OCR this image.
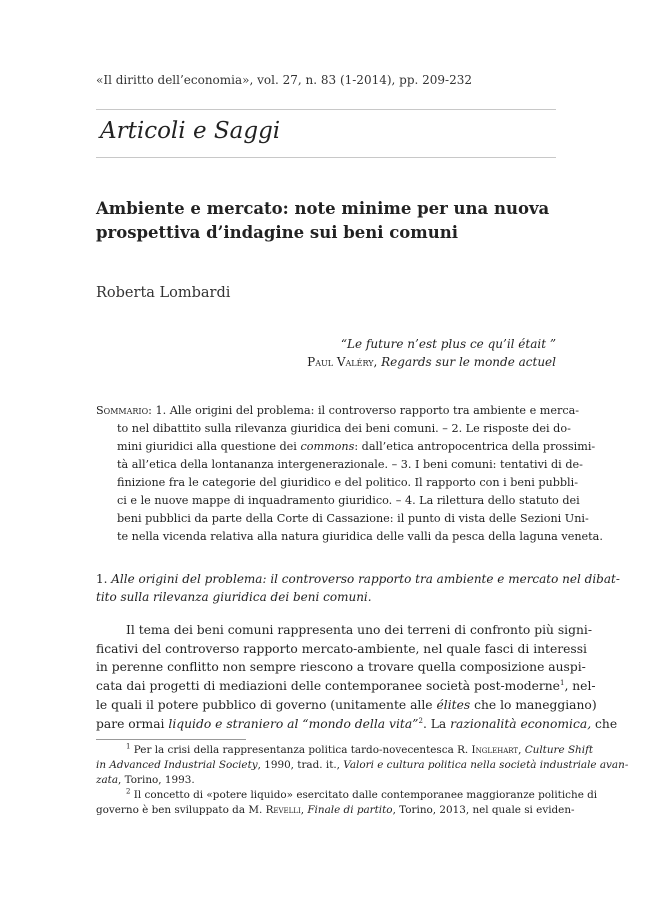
«Il diritto dell’economia», vol. 27, n. 83 (1-2014), pp. 209-232
Articoli e Saggi
Ambiente e mercato: note minime per una nuova
prospettiva d’indagine sui beni comuni
Roberta Lombardi
“Le future n’est plus ce qu’il était ”
Paul Valéry, Regards sur le monde actuel
Sommario: 1. Alle origini del problema: il controverso rapporto tra ambiente e merca-
to nel dibattito sulla rilevanza giuridica dei beni comuni. – 2. Le risposte dei do-
mini giuridici alla questione dei commons: dall’etica antropocentrica della prossimi-
tà all’etica della lontananza intergenerazionale. – 3. I beni comuni: tentativi di de-
finizione fra le categorie del giuridico e del politico. Il rapporto con i beni pubbli-
ci e le nuove mappe di inquadramento giuridico. – 4. La rilettura dello statuto dei
beni pubblici da parte della Corte di Cassazione: il punto di vista delle Sezioni Uni-
te nella vicenda relativa alla natura giuridica delle valli da pesca della laguna veneta.
1. Alle origini del problema: il controverso rapporto tra ambiente e mercato nel dibat-
tito sulla rilevanza giuridica dei beni comuni.
Il tema dei beni comuni rappresenta uno dei terreni di confronto più signi-
ficativi del controverso rapporto mercato-ambiente, nel quale fasci di interessi
in perenne conflitto non sempre riescono a trovare quella composizione auspi-
cata dai progetti di mediazioni delle contemporanee società post-moderne$^1$, nel-
le quali il potere pubblico di governo (unitamente alle élites che lo maneggiano)
pare ormai liquido e straniero al “mondo della vita”$^2$. La razionalità economica, che
$^1$ Per la crisi della rappresentanza politica tardo-novecentesca R. Inglehart, Culture Shift
in Advanced Industrial Society, 1990, trad. it., Valori e cultura politica nella società industriale avan-
zata, Torino, 1993.
$^2$ Il concetto di «potere liquido» esercitato dalle contemporanee maggioranze politiche di
governo è ben sviluppato da M. Revelli, Finale di partito, Torino, 2013, nel quale si eviden-
